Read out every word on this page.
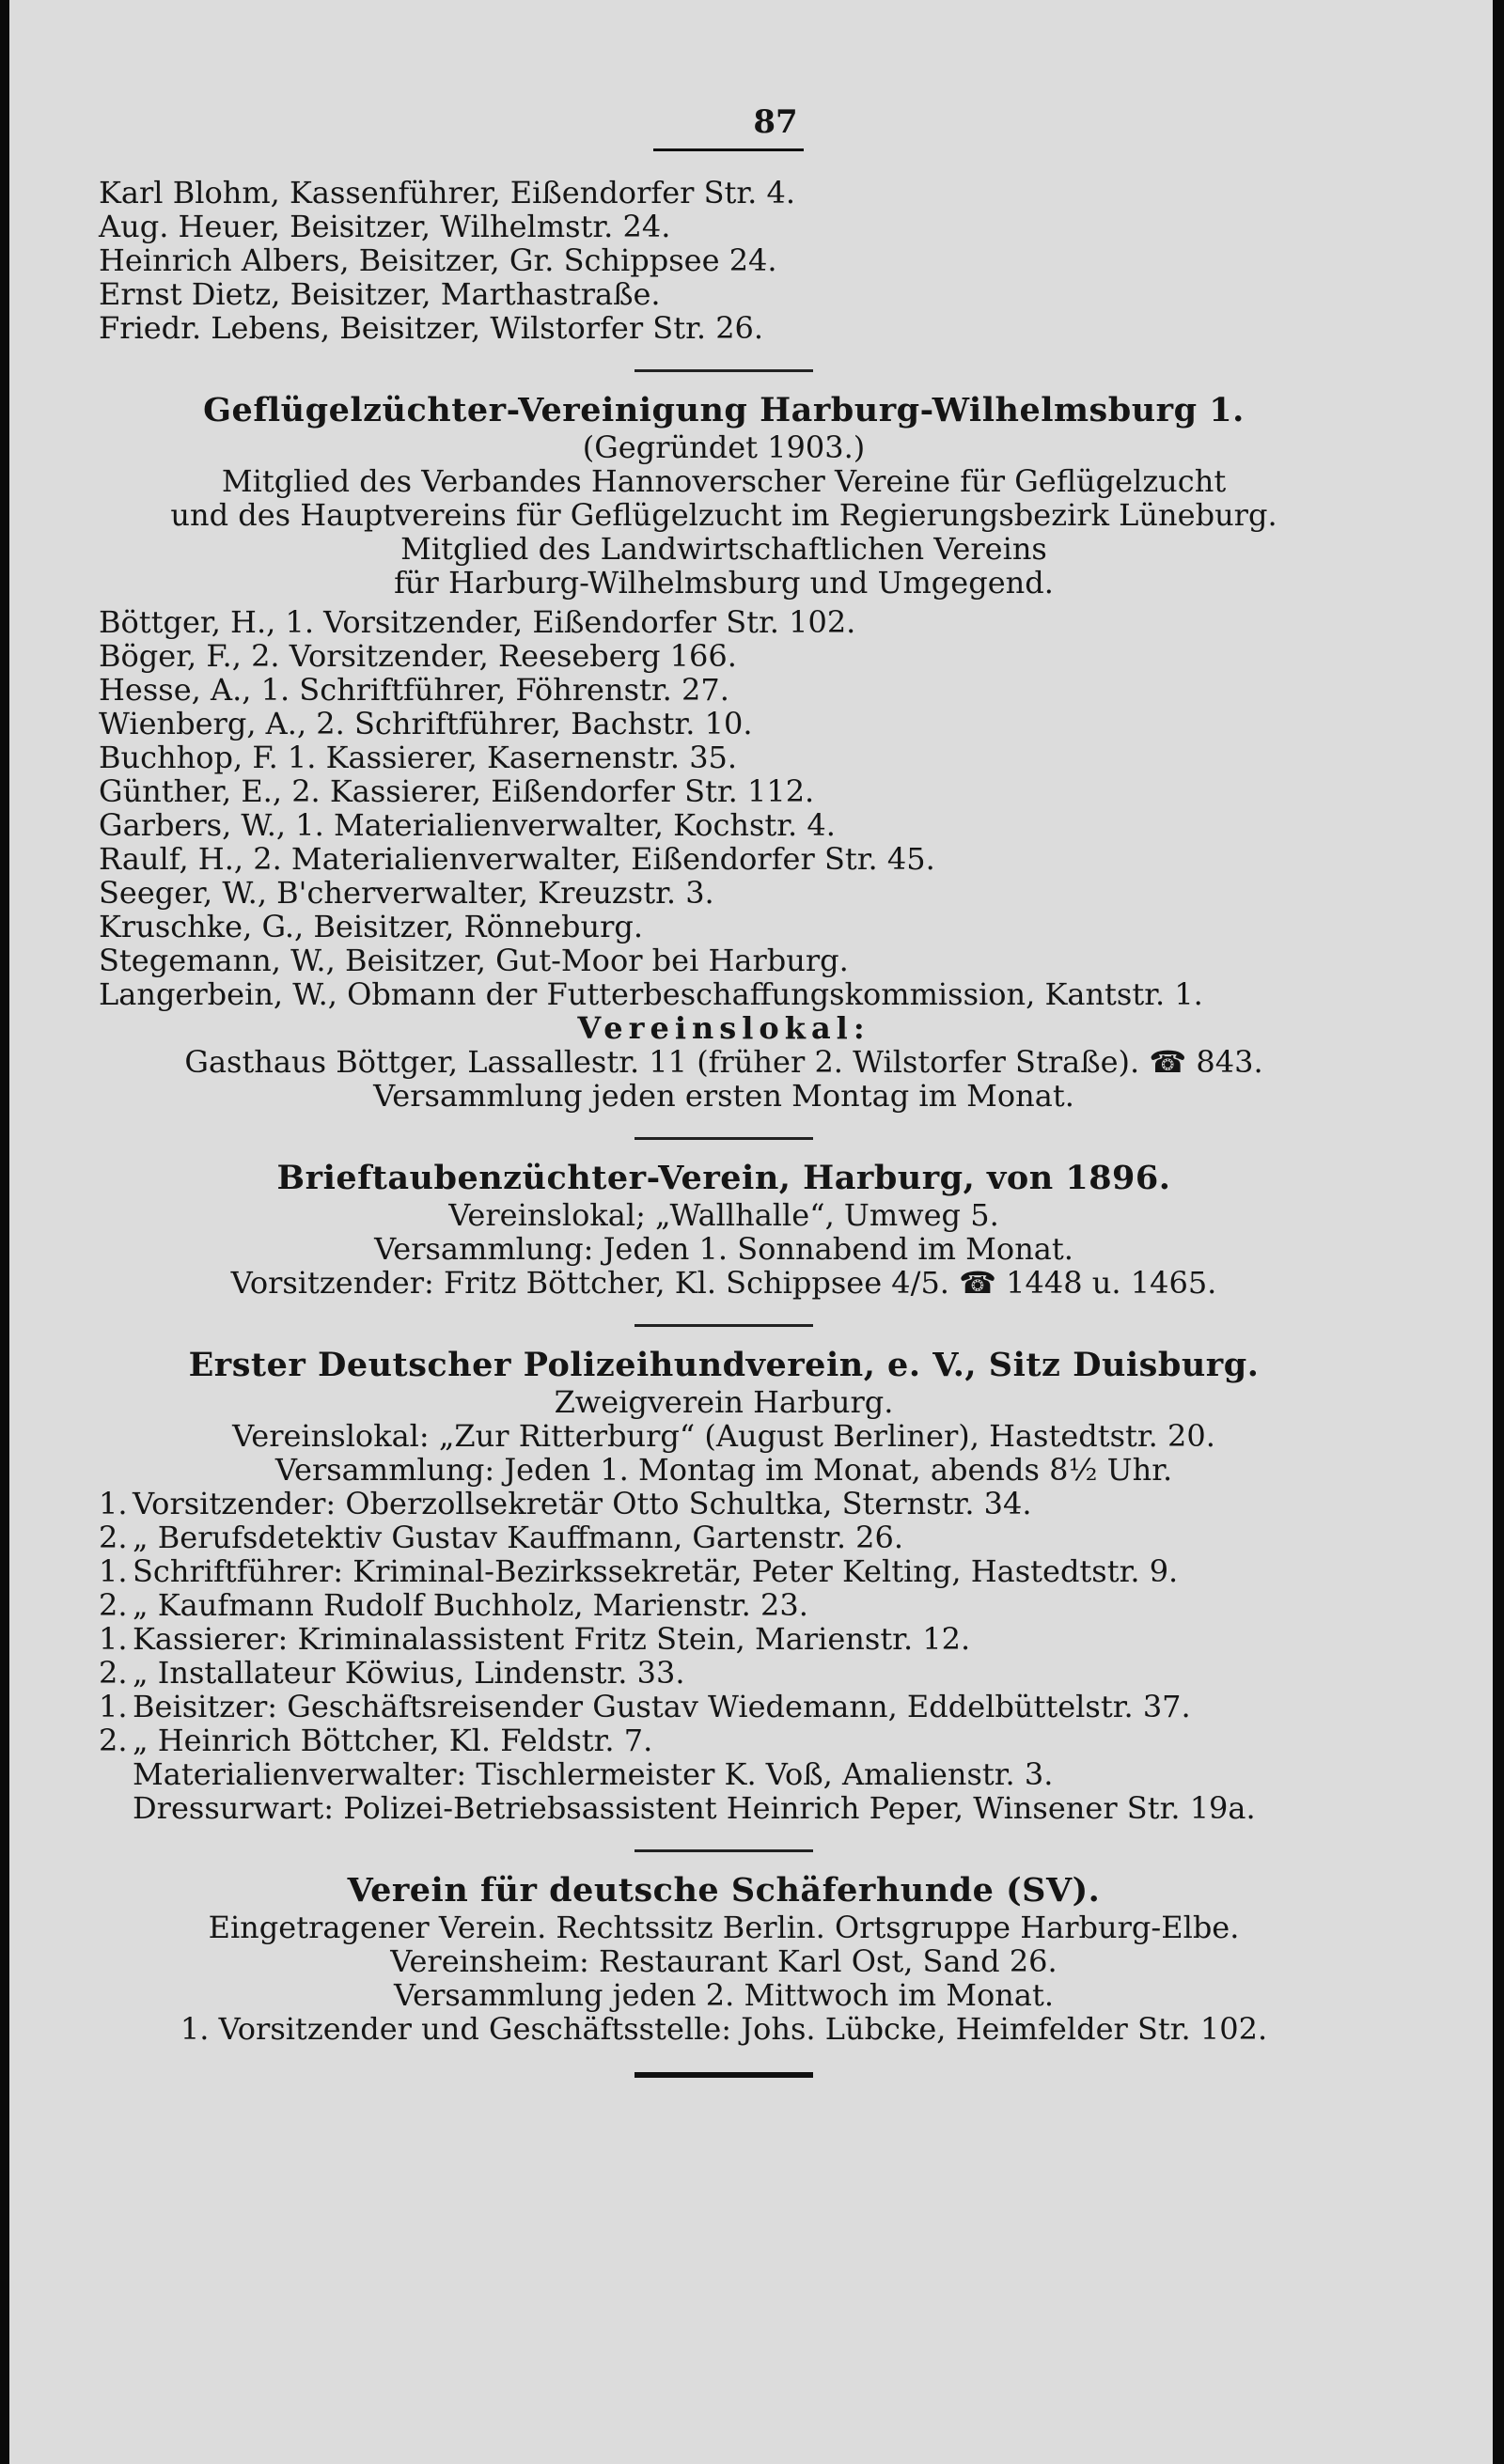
87
Karl Blohm, Kassenführer, Eißendorfer Str. 4.
Aug. Heuer, Beisitzer, Wilhelmstr. 24.
Heinrich Albers, Beisitzer, Gr. Schippsee 24.
Ernst Dietz, Beisitzer, Marthastraße.
Friedr. Lebens, Beisitzer, Wilstorfer Str. 26.
Geflügelzüchter-Vereinigung Harburg-Wilhelmsburg 1.
(Gegründet 1903.)
Mitglied des Verbandes Hannoverscher Vereine für Geflügelzucht
und des Hauptvereins für Geflügelzucht im Regierungsbezirk Lüneburg.
Mitglied des Landwirtschaftlichen Vereins
für Harburg-Wilhelmsburg und Umgegend.
Böttger, H., 1. Vorsitzender, Eißendorfer Str. 102.
Böger, F., 2. Vorsitzender, Reeseberg 166.
Hesse, A., 1. Schriftführer, Föhrenstr. 27.
Wienberg, A., 2. Schriftführer, Bachstr. 10.
Buchhop, F. 1. Kassierer, Kasernenstr. 35.
Günther, E., 2. Kassierer, Eißendorfer Str. 112.
Garbers, W., 1. Materialienverwalter, Kochstr. 4.
Raulf, H., 2. Materialienverwalter, Eißendorfer Str. 45.
Seeger, W., B'cherverwalter, Kreuzstr. 3.
Kruschke, G., Beisitzer, Rönneburg.
Stegemann, W., Beisitzer, Gut-Moor bei Harburg.
Langerbein, W., Obmann der Futterbeschaffungskommission, Kantstr. 1.
Vereinslokal:
Gasthaus Böttger, Lassallestr. 11 (früher 2. Wilstorfer Straße). ☎ 843.
Versammlung jeden ersten Montag im Monat.
Brieftaubenzüchter-Verein, Harburg, von 1896.
Vereinslokal; „Wallhalle“, Umweg 5.
Versammlung: Jeden 1. Sonnabend im Monat.
Vorsitzender: Fritz Böttcher, Kl. Schippsee 4/5. ☎ 1448 u. 1465.
Erster Deutscher Polizeihundverein, e. V., Sitz Duisburg.
Zweigverein Harburg.
Vereinslokal: „Zur Ritterburg“ (August Berliner), Hastedtstr. 20.
Versammlung: Jeden 1. Montag im Monat, abends 8½ Uhr.
1. Vorsitzender: Oberzollsekretär Otto Schultka, Sternstr. 34.
2. „ Berufsdetektiv Gustav Kauffmann, Gartenstr. 26.
1. Schriftführer: Kriminal-Bezirkssekretär, Peter Kelting, Hastedtstr. 9.
2. „ Kaufmann Rudolf Buchholz, Marienstr. 23.
1. Kassierer: Kriminalassistent Fritz Stein, Marienstr. 12.
2. „ Installateur Köwius, Lindenstr. 33.
1. Beisitzer: Geschäftsreisender Gustav Wiedemann, Eddelbüttelstr. 37.
2. „ Heinrich Böttcher, Kl. Feldstr. 7.
Materialienverwalter: Tischlermeister K. Voß, Amalienstr. 3.
Dressurwart: Polizei-Betriebsassistent Heinrich Peper, Winsener Str. 19a.
Verein für deutsche Schäferhunde (SV).
Eingetragener Verein. Rechtssitz Berlin. Ortsgruppe Harburg-Elbe.
Vereinsheim: Restaurant Karl Ost, Sand 26.
Versammlung jeden 2. Mittwoch im Monat.
1. Vorsitzender und Geschäftsstelle: Johs. Lübcke, Heimfelder Str. 102.
